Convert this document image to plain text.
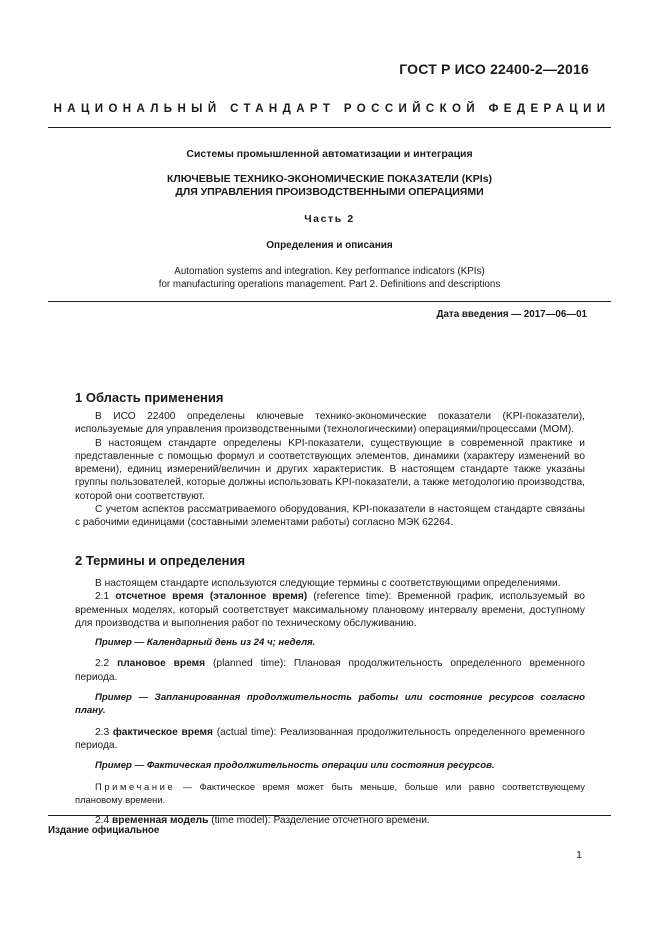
ГОСТ Р ИСО 22400-2—2016
НАЦИОНАЛЬНЫЙ СТАНДАРТ РОССИЙСКОЙ ФЕДЕРАЦИИ
Системы промышленной автоматизации и интеграция
КЛЮЧЕВЫЕ ТЕХНИКО-ЭКОНОМИЧЕСКИЕ ПОКАЗАТЕЛИ (KPIs)
ДЛЯ УПРАВЛЕНИЯ ПРОИЗВОДСТВЕННЫМИ ОПЕРАЦИЯМИ
Часть 2
Определения и описания
Automation systems and integration. Key performance indicators (KPIs)
for manufacturing operations management. Part 2. Definitions and descriptions
Дата введения — 2017—06—01
1 Область применения

В ИСО 22400 определены ключевые технико-экономические показатели (KPI-показатели), используемые для управления производственными (технологическими) операциями/процессами (МОМ).

В настоящем стандарте определены KPI-показатели, существующие в современной практике и представленные с помощью формул и соответствующих элементов, динамики (характеру изменений во времени), единиц измерений/величин и других характеристик. В настоящем стандарте также указаны группы пользователей, которые должны использовать KPI-показатели, а также методологию производства, которой они соответствуют.

С учетом аспектов рассматриваемого оборудования, KPI-показатели в настоящем стандарте связаны с рабочими единицами (составными элементами работы) согласно МЭК 62264.

2 Термины и определения

В настоящем стандарте используются следующие термины с соответствующими определениями.

2.1 отсчетное время (эталонное время) (reference time): Временной график, используемый во временных моделях, который соответствует максимальному плановому интервалу времени, доступному для производства и выполнения работ по техническому обслуживанию.

Пример — Календарный день из 24 ч; неделя.

2.2 плановое время (planned time): Плановая продолжительность определенного временного периода.

Пример — Запланированная продолжительность работы или состояние ресурсов согласно плану.

2.3 фактическое время (actual time): Реализованная продолжительность определенного временного периода.

Пример — Фактическая продолжительность операции или состояния ресурсов.

Примечание — Фактическое время может быть меньше, больше или равно соответствующему плановому времени.

2.4 временная модель (time model): Разделение отсчетного времени.

Издание официальное
1
